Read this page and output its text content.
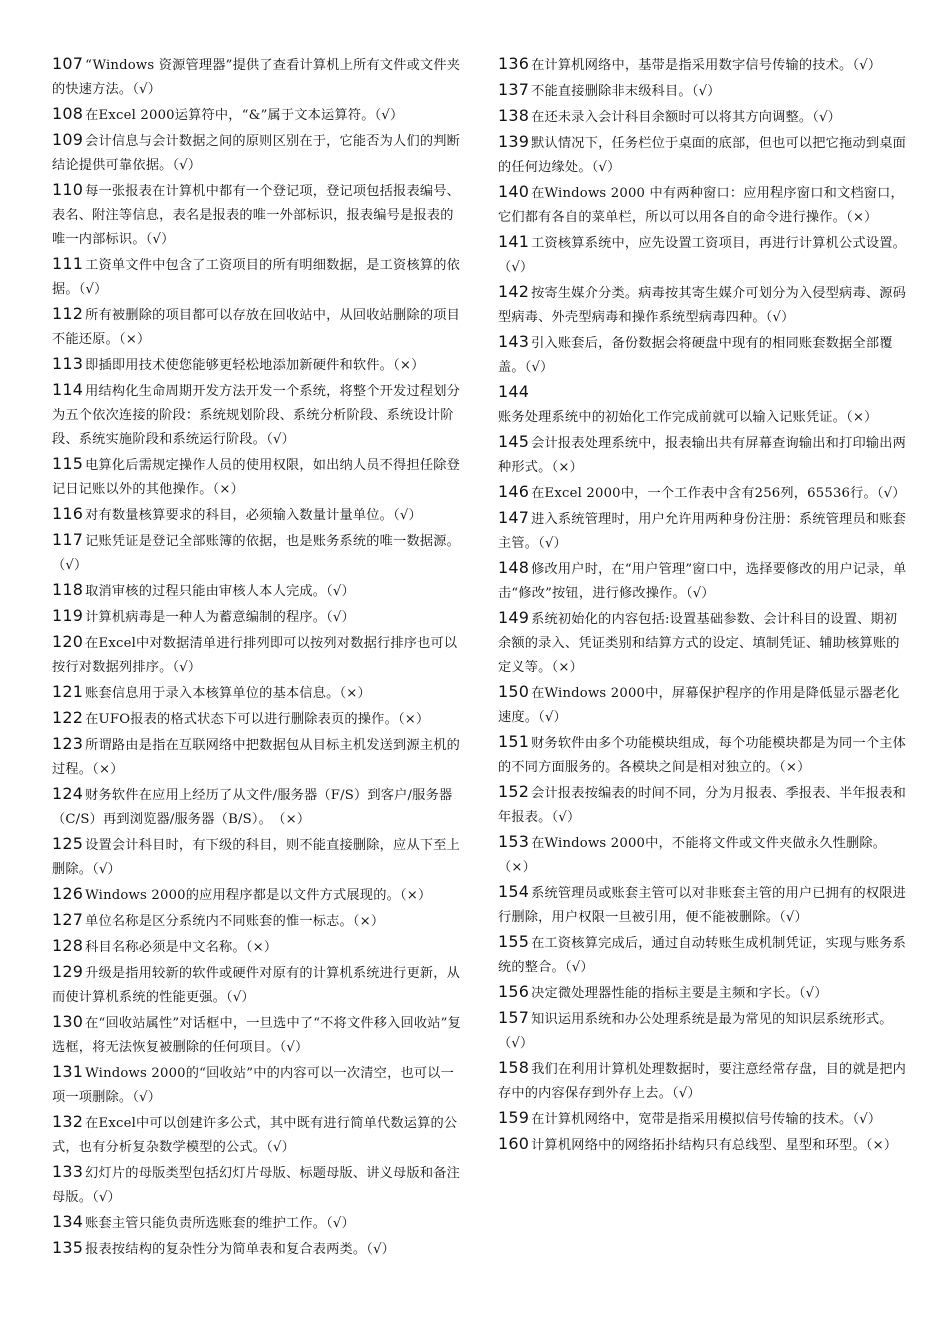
107 “Windows 资源管理器”提供了查看计算机上所有文件或文件夹的快速方法。（√）

108 在Excel 2000运算符中，“&”属于文本运算符。（√）

109 会计信息与会计数据之间的原则区别在于，它能否为人们的判断结论提供可靠依据。（√）

110 每一张报表在计算机中都有一个登记项，登记项包括报表编号、表名、附注等信息，表名是报表的唯一外部标识，报表编号是报表的唯一内部标识。（√）

111 工资单文件中包含了工资项目的所有明细数据，是工资核算的依据。（√）

112 所有被删除的项目都可以存放在回收站中，从回收站删除的项目不能还原。（×）

113 即插即用技术使您能够更轻松地添加新硬件和软件。（×）

114 用结构化生命周期开发方法开发一个系统，将整个开发过程划分为五个依次连接的阶段：系统规划阶段、系统分析阶段、系统设计阶段、系统实施阶段和系统运行阶段。（√）

115 电算化后需规定操作人员的使用权限，如出纳人员不得担任除登记日记账以外的其他操作。（×）

116 对有数量核算要求的科目，必须输入数量计量单位。（√）

117 记账凭证是登记全部账簿的依据，也是账务系统的唯一数据源。（√）

118 取消审核的过程只能由审核人本人完成。（√）

119 计算机病毒是一种人为蓄意编制的程序。（√）

120 在Excel中对数据清单进行排列即可以按列对数据行排序也可以按行对数据列排序。（√）

121 账套信息用于录入本核算单位的基本信息。（×）

122 在UFO报表的格式状态下可以进行删除表页的操作。（×）

123 所谓路由是指在互联网络中把数据包从目标主机发送到源主机的过程。（×）

124 财务软件在应用上经历了从文件/服务器（F/S）到客户/服务器（C/S）再到浏览器/服务器（B/S）。　（×）

125 设置会计科目时，有下级的科目，则不能直接删除，应从下至上删除。（√）

126 Windows 2000的应用程序都是以文件方式展现的。（×）

127 单位名称是区分系统内不同账套的惟一标志。（×）

128 科目名称必须是中文名称。（×）

129 升级是指用较新的软件或硬件对原有的计算机系统进行更新，从而使计算机系统的性能更强。（√）

130 在“回收站属性”对话框中，一旦选中了“不将文件移入回收站”复选框，将无法恢复被删除的任何项目。（√）

131 Windows 2000的“回收站”中的内容可以一次清空，也可以一项一项删除。（√）

132 在Excel中可以创建许多公式，其中既有进行简单代数运算的公式，也有分析复杂数学模型的公式。（√）

133 幻灯片的母版类型包括幻灯片母版、标题母版、讲义母版和备注母版。（√）

134 账套主管只能负责所选账套的维护工作。（√）

135 报表按结构的复杂性分为简单表和复合表两类。（√）

136 在计算机网络中，基带是指采用数字信号传输的技术。（√）

137 不能直接删除非末级科目。（√）

138 在还未录入会计科目余额时可以将其方向调整。（√）

139 默认情况下，任务栏位于桌面的底部，但也可以把它拖动到桌面的任何边缘处。（√）

140 在Windows 2000 中有两种窗口：应用程序窗口和文档窗口，它们都有各自的菜单栏，所以可以用各自的命令进行操作。（×）

141 工资核算系统中，应先设置工资项目，再进行计算机公式设置。（√）

142 按寄生媒介分类。病毒按其寄生媒介可划分为入侵型病毒、源码型病毒、外壳型病毒和操作系统型病毒四种。（√）

143 引入账套后，备份数据会将硬盘中现有的相同账套数据全部覆盖。（√）

144账务处理系统中的初始化工作完成前就可以输入记账凭证。（×）

145 会计报表处理系统中，报表输出共有屏幕查询输出和打印输出两种形式。（×）

146 在Excel 2000中，一个工作表中含有256列，65536行。（√）

147 进入系统管理时，用户允许用两种身份注册：系统管理员和账套主管。（√）

148 修改用户时，在“用户管理”窗口中，选择要修改的用户记录，单击“修改”按钮，进行修改操作。（√）

149 系统初始化的内容包括:设置基础参数、会计科目的设置、期初余额的录入、凭证类别和结算方式的设定、填制凭证、辅助核算账的定义等。（×）

150 在Windows 2000中，屏幕保护程序的作用是降低显示器老化速度。（√）

151 财务软件由多个功能模块组成，每个功能模块都是为同一个主体的不同方面服务的。各模块之间是相对独立的。（×）

152 会计报表按编表的时间不同，分为月报表、季报表、半年报表和年报表。（√）

153 在Windows 2000中，不能将文件或文件夹做永久性删除。（×）

154 系统管理员或账套主管可以对非账套主管的用户已拥有的权限进行删除，用户权限一旦被引用，便不能被删除。（√）

155 在工资核算完成后，通过自动转账生成机制凭证，实现与账务系统的整合。（√）

156 决定微处理器性能的指标主要是主频和字长。（√）

157 知识运用系统和办公处理系统是最为常见的知识层系统形式。（√）

158 我们在利用计算机处理数据时，要注意经常存盘，目的就是把内存中的内容保存到外存上去。（√）

159 在计算机网络中，宽带是指采用模拟信号传输的技术。（√）

160 计算机网络中的网络拓扑结构只有总线型、星型和环型。（×）
